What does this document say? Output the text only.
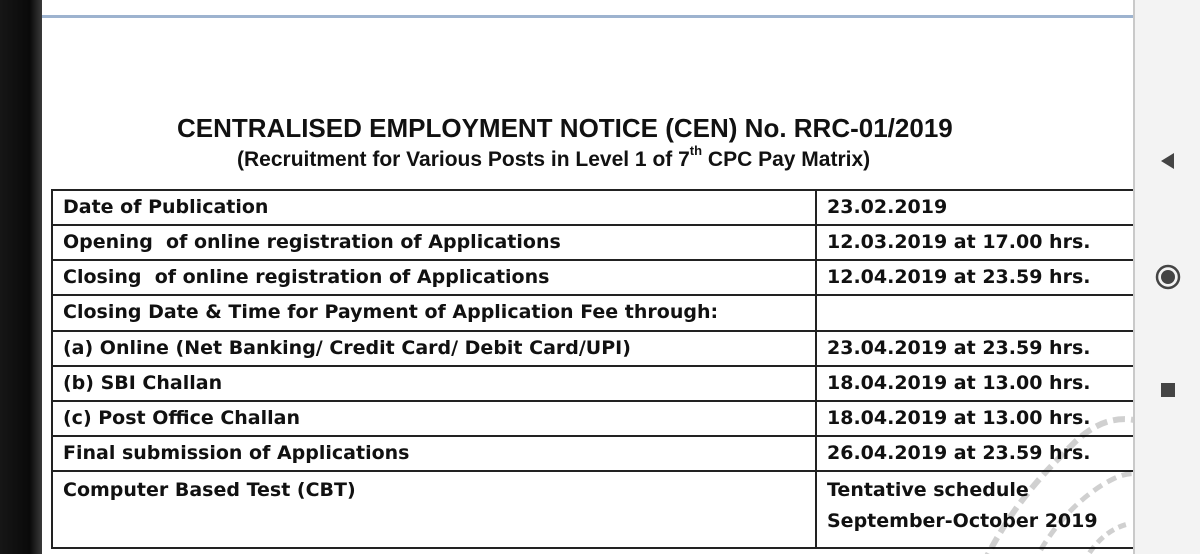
CENTRALISED EMPLOYMENT NOTICE (CEN) No. RRC-01/2019
(Recruitment for Various Posts in Level 1 of 7th CPC Pay Matrix)
Date of Publication	23.02.2019
Opening  of online registration of Applications	12.03.2019 at 17.00 hrs.
Closing  of online registration of Applications	12.04.2019 at 23.59 hrs.
Closing Date & Time for Payment of Application Fee through:	
(a) Online (Net Banking/ Credit Card/ Debit Card/UPI)	23.04.2019 at 23.59 hrs.
(b) SBI Challan	18.04.2019 at 13.00 hrs.
(c) Post Office Challan	18.04.2019 at 13.00 hrs.
Final submission of Applications	26.04.2019 at 23.59 hrs.
Computer Based Test (CBT)	Tentative schedule
September-October 2019
